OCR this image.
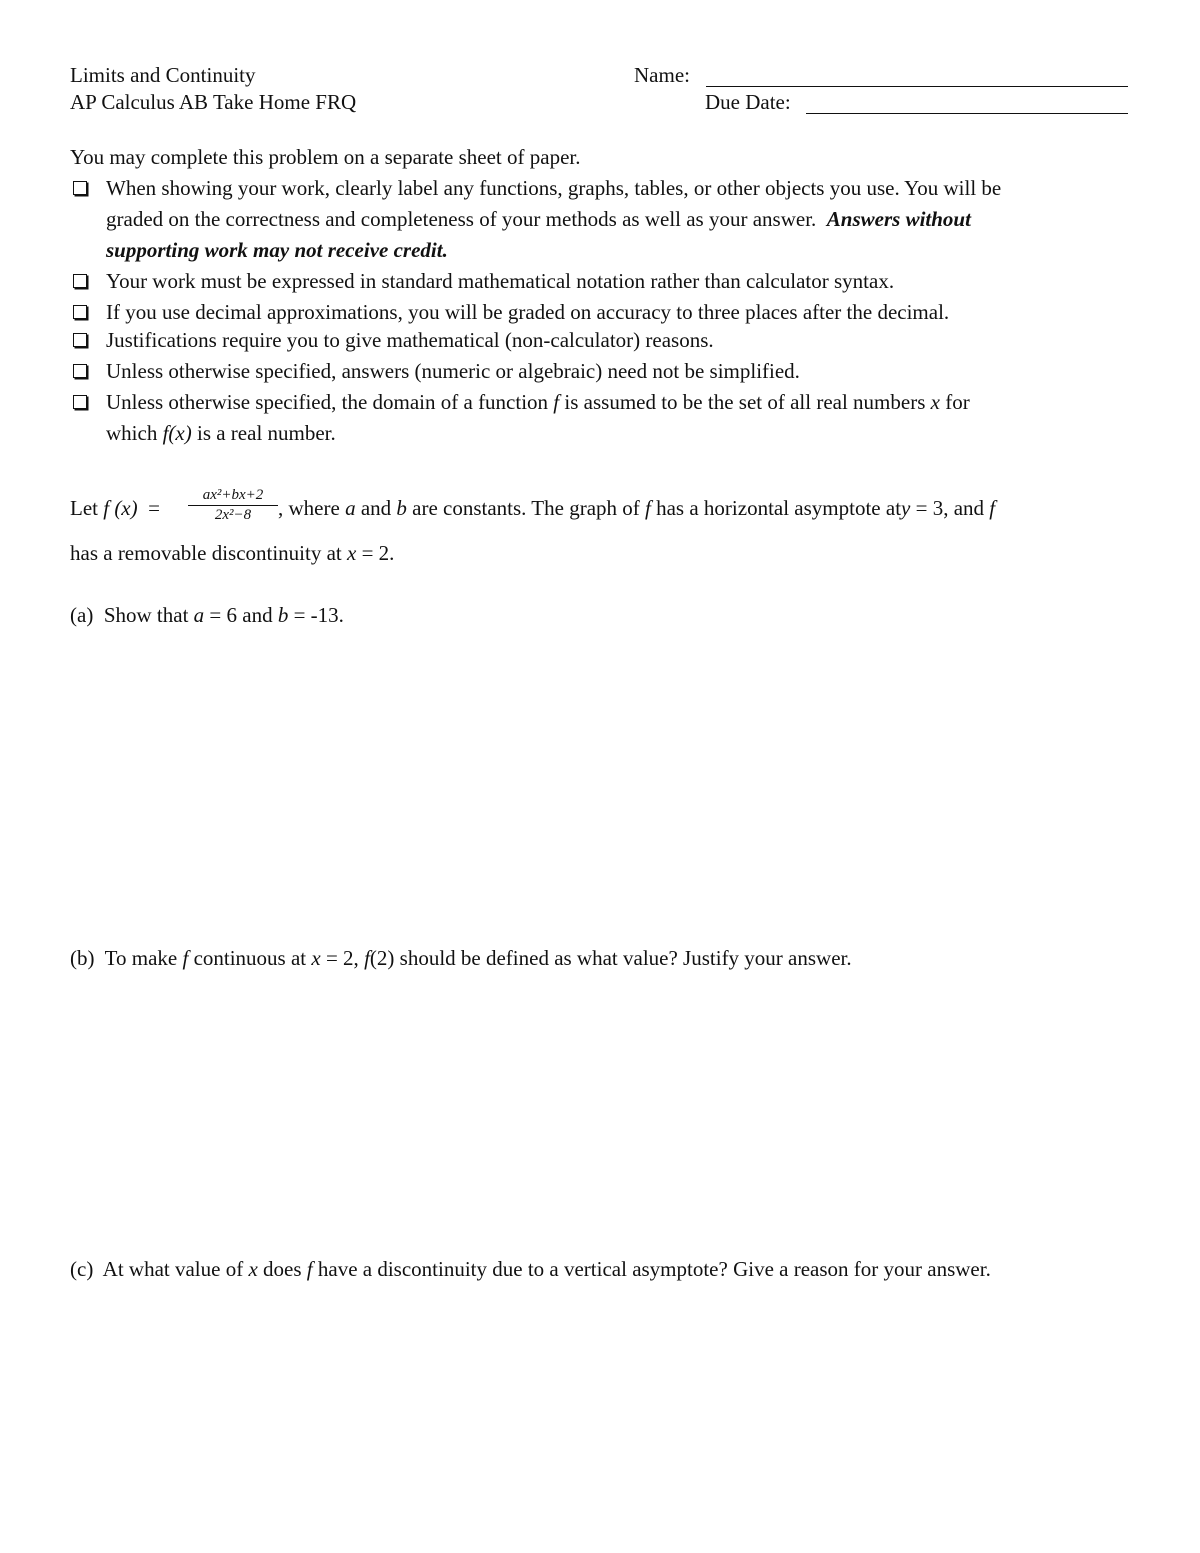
Limits and Continuity
AP Calculus AB Take Home FRQ
Name:
Due Date:
You may complete this problem on a separate sheet of paper.
When showing your work, clearly label any functions, graphs, tables, or other objects you use. You will be
graded on the correctness and completeness of your methods as well as your answer. Answers without
supporting work may not receive credit.
Your work must be expressed in standard mathematical notation rather than calculator syntax.
If you use decimal approximations, you will be graded on accuracy to three places after the decimal.
Justifications require you to give mathematical (non-calculator) reasons.
Unless otherwise specified, answers (numeric or algebraic) need not be simplified.
Unless otherwise specified, the domain of a function f is assumed to be the set of all real numbers x for
which f(x) is a real number.
Let f (x) =
ax²+bx+2
2x²−8	, where a and b are constants. The graph of f has a horizontal asymptote aty = 3, and f
has a removable discontinuity at x = 2.
(a) Show that a = 6 and b = -13.
(b) To make f continuous at x = 2, f(2) should be defined as what value? Justify your answer.
(c) At what value of x does f have a discontinuity due to a vertical asymptote? Give a reason for your answer.
